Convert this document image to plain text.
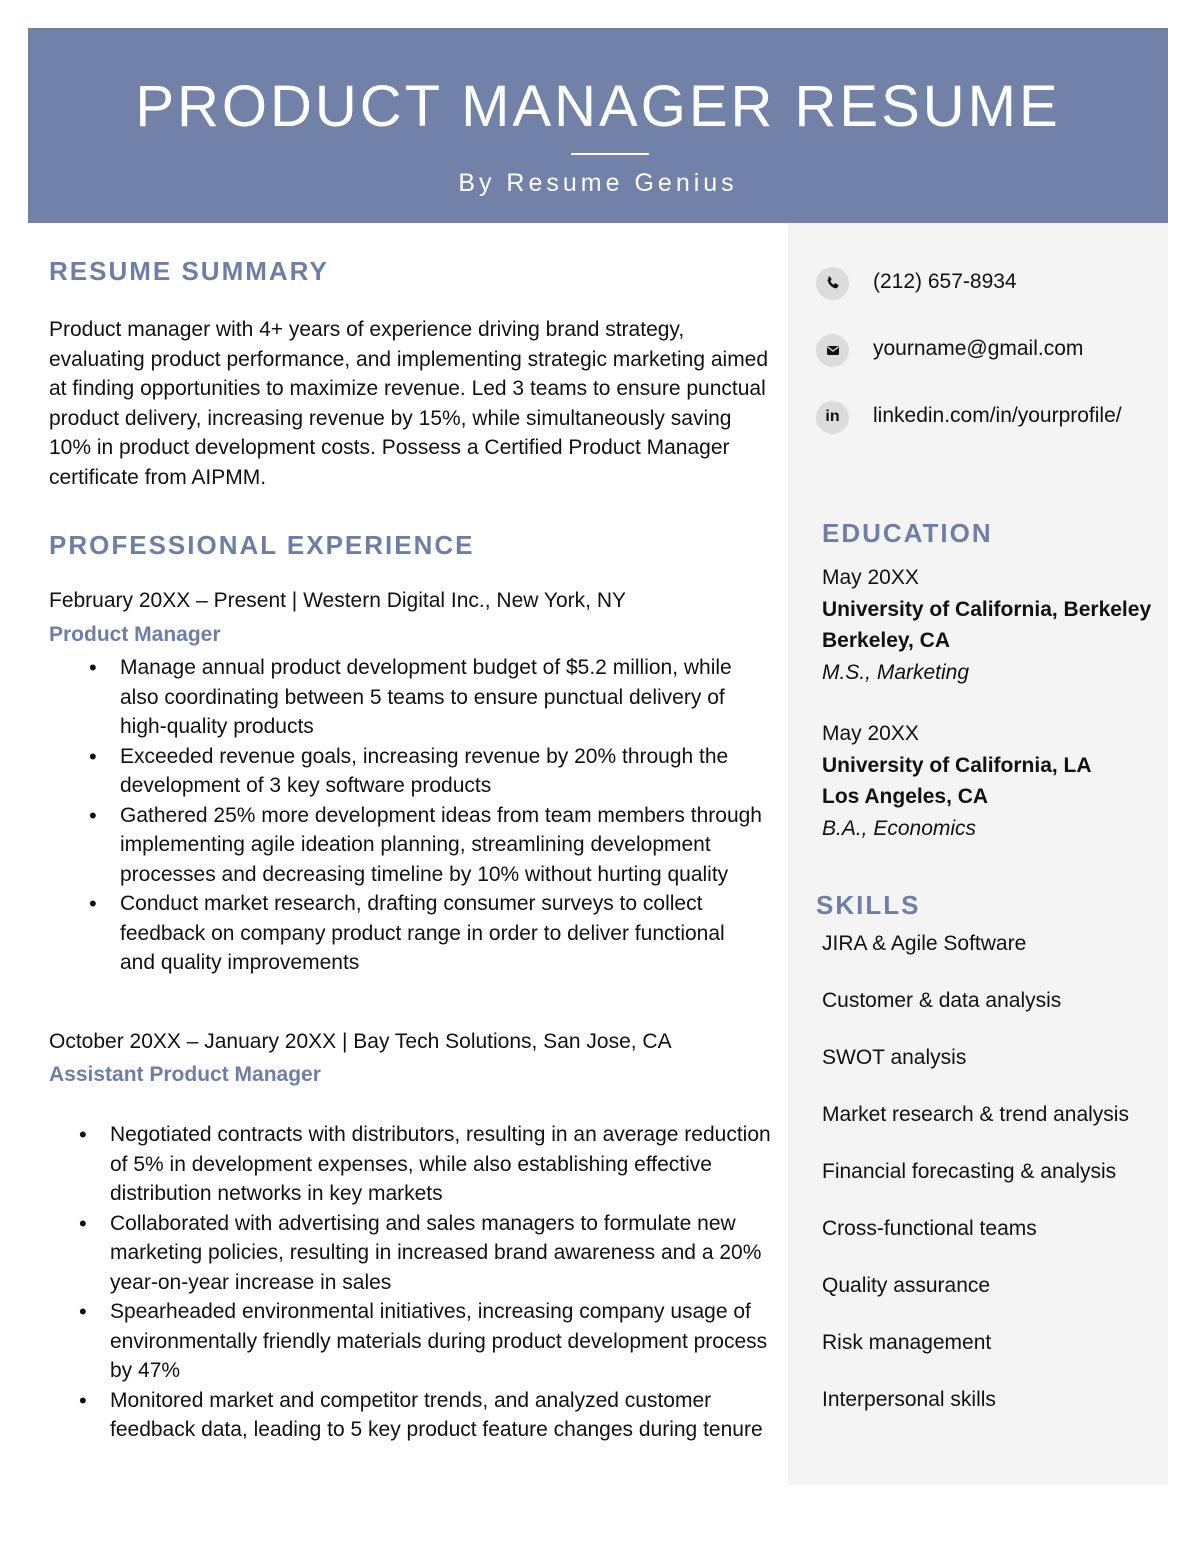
PRODUCT MANAGER RESUME
By Resume Genius
RESUME SUMMARY
Product manager with 4+ years of experience driving brand strategy, evaluating product performance, and implementing strategic marketing aimed at finding opportunities to maximize revenue. Led 3 teams to ensure punctual product delivery, increasing revenue by 15%, while simultaneously saving 10% in product development costs. Possess a Certified Product Manager certificate from AIPMM.
PROFESSIONAL EXPERIENCE
February 20XX – Present | Western Digital Inc., New York, NY
Product Manager
• Manage annual product development budget of $5.2 million, while also coordinating between 5 teams to ensure punctual delivery of high-quality products
• Exceeded revenue goals, increasing revenue by 20% through the development of 3 key software products
• Gathered 25% more development ideas from team members through implementing agile ideation planning, streamlining development processes and decreasing timeline by 10% without hurting quality
• Conduct market research, drafting consumer surveys to collect feedback on company product range in order to deliver functional and quality improvements
October 20XX – January 20XX | Bay Tech Solutions, San Jose, CA
Assistant Product Manager
• Negotiated contracts with distributors, resulting in an average reduction of 5% in development expenses, while also establishing effective distribution networks in key markets
• Collaborated with advertising and sales managers to formulate new marketing policies, resulting in increased brand awareness and a 20% year-on-year increase in sales
• Spearheaded environmental initiatives, increasing company usage of environmentally friendly materials during product development process by 47%
• Monitored market and competitor trends, and analyzed customer feedback data, leading to 5 key product feature changes during tenure
(212) 657-8934
yourname@gmail.com
in linkedin.com/in/yourprofile/
EDUCATION
May 20XX
University of California, Berkeley
Berkeley, CA
M.S., Marketing
May 20XX
University of California, LA
Los Angeles, CA
B.A., Economics
SKILLS
JIRA & Agile Software
Customer & data analysis
SWOT analysis
Market research & trend analysis
Financial forecasting & analysis
Cross-functional teams
Quality assurance
Risk management
Interpersonal skills
